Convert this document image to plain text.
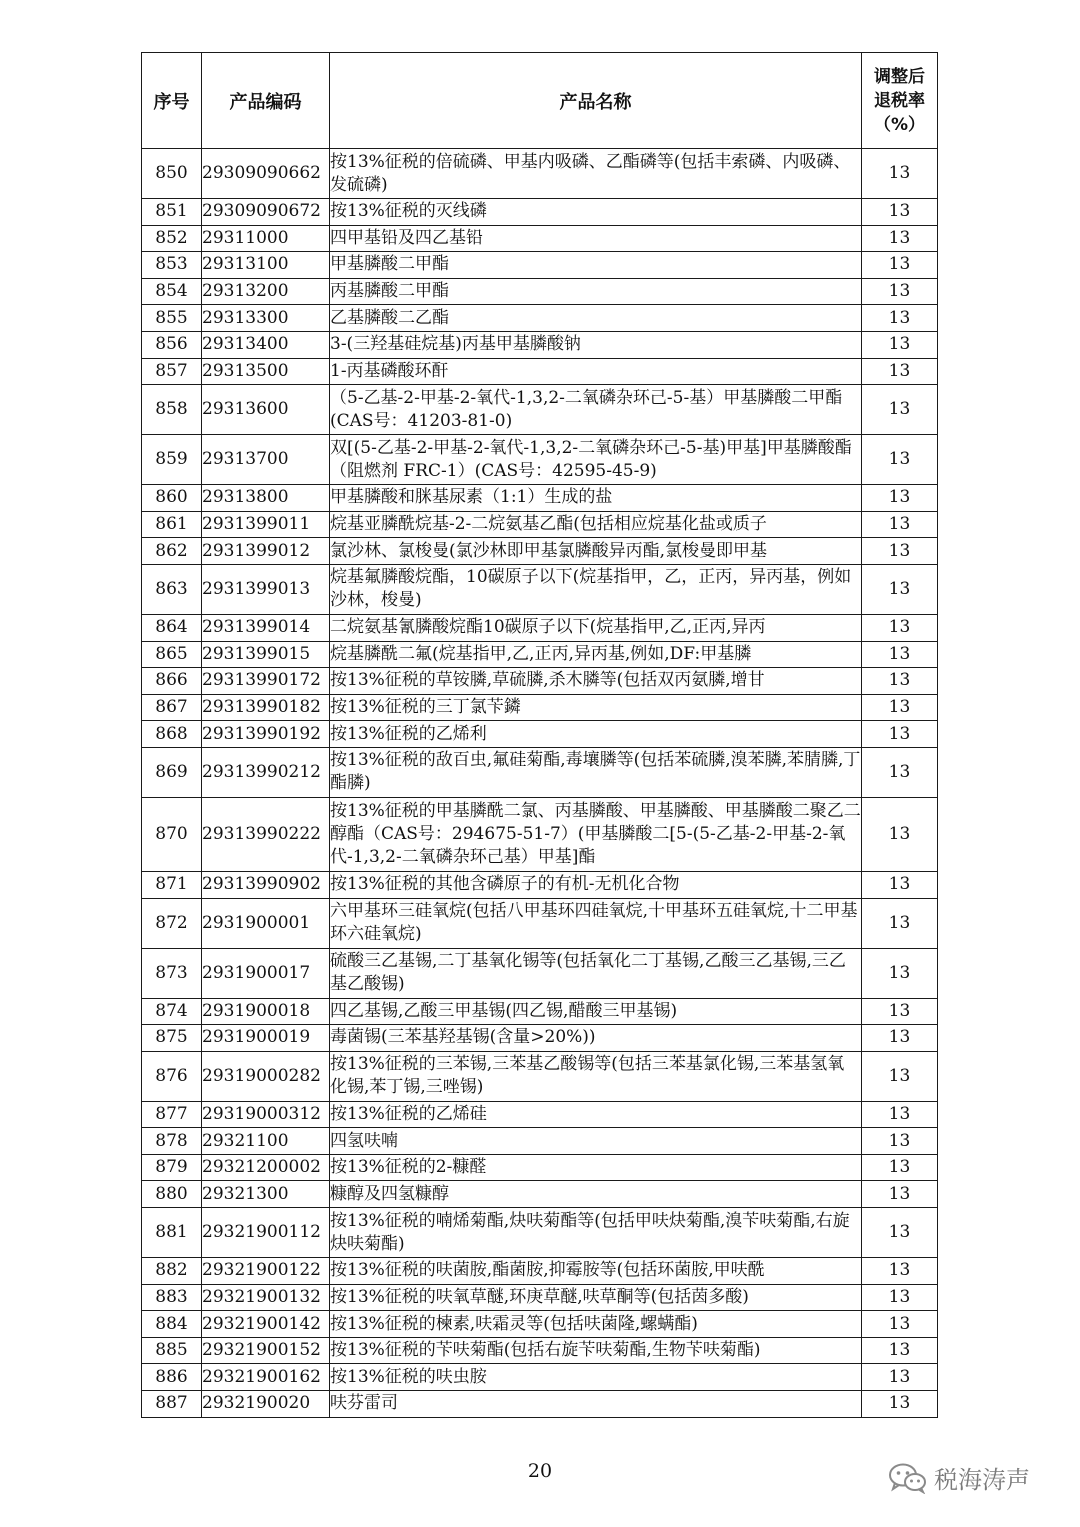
序号	产品编码	产品名称	调整后
退税率
（%）

850	29309090662	按13%征税的倍硫磷、甲基内吸磷、乙酯磷等(包括丰索磷、内吸磷、发硫磷)	13
851	29309090672	按13%征税的灭线磷	13
852	29311000	四甲基铅及四乙基铅	13
853	29313100	甲基膦酸二甲酯	13
854	29313200	丙基膦酸二甲酯	13
855	29313300	乙基膦酸二乙酯	13
856	29313400	3-(三羟基硅烷基)丙基甲基膦酸钠	13
857	29313500	1-丙基磷酸环酐	13
858	29313600	（5-乙基-2-甲基-2-氧代-1,3,2-二氧磷杂环己-5-基）甲基膦酸二甲酯(CAS号：41203-81-0)	13
859	29313700	双[(5-乙基-2-甲基-2-氧代-1,3,2-二氧磷杂环己-5-基)甲基]甲基膦酸酯（阻燃剂 FRC-1）(CAS号：42595-45-9)	13
860	29313800	甲基膦酸和脒基尿素（1:1）生成的盐	13
861	2931399011	烷基亚膦酰烷基-2-二烷氨基乙酯(包括相应烷基化盐或质子	13
862	2931399012	氯沙林、氯梭曼(氯沙林即甲基氯膦酸异丙酯,氯梭曼即甲基	13
863	2931399013	烷基氟膦酸烷酯，10碳原子以下(烷基指甲，乙，正丙，异丙基，例如沙林，梭曼)	13
864	2931399014	二烷氨基氰膦酸烷酯10碳原子以下(烷基指甲,乙,正丙,异丙	13
865	2931399015	烷基膦酰二氟(烷基指甲,乙,正丙,异丙基,例如,DF:甲基膦	13
866	29313990172	按13%征税的草铵膦,草硫膦,杀木膦等(包括双丙氨膦,增甘	13
867	29313990182	按13%征税的三丁氯苄鏻	13
868	29313990192	按13%征税的乙烯利	13
869	29313990212	按13%征税的敌百虫,氟硅菊酯,毒壤膦等(包括苯硫膦,溴苯膦,苯腈膦,丁酯膦)	13
870	29313990222	按13%征税的甲基膦酰二氯、丙基膦酸、甲基膦酸、甲基膦酸二聚乙二醇酯（CAS号：294675-51-7）(甲基膦酸二[5-(5-乙基-2-甲基-2-氧代-1,3,2-二氧磷杂环己基）甲基]酯	13
871	29313990902	按13%征税的其他含磷原子的有机-无机化合物	13
872	2931900001	六甲基环三硅氧烷(包括八甲基环四硅氧烷,十甲基环五硅氧烷,十二甲基环六硅氧烷)	13
873	2931900017	硫酸三乙基锡,二丁基氧化锡等(包括氧化二丁基锡,乙酸三乙基锡,三乙基乙酸锡)	13
874	2931900018	四乙基锡,乙酸三甲基锡(四乙锡,醋酸三甲基锡)	13
875	2931900019	毒菌锡(三苯基羟基锡(含量>20%))	13
876	29319000282	按13%征税的三苯锡,三苯基乙酸锡等(包括三苯基氯化锡,三苯基氢氧化锡,苯丁锡,三唑锡)	13
877	29319000312	按13%征税的乙烯硅	13
878	29321100	四氢呋喃	13
879	29321200002	按13%征税的2-糠醛	13
880	29321300	糠醇及四氢糠醇	13
881	29321900112	按13%征税的喃烯菊酯,炔呋菊酯等(包括甲呋炔菊酯,溴苄呋菊酯,右旋炔呋菊酯)	13
882	29321900122	按13%征税的呋菌胺,酯菌胺,抑霉胺等(包括环菌胺,甲呋酰	13
883	29321900132	按13%征税的呋氧草醚,环庚草醚,呋草酮等(包括茵多酸)	13
884	29321900142	按13%征税的楝素,呋霜灵等(包括呋菌隆,螺螨酯)	13
885	29321900152	按13%征税的苄呋菊酯(包括右旋苄呋菊酯,生物苄呋菊酯)	13
886	29321900162	按13%征税的呋虫胺	13
887	2932190020	呋芬雷司	13
20	税海涛声
